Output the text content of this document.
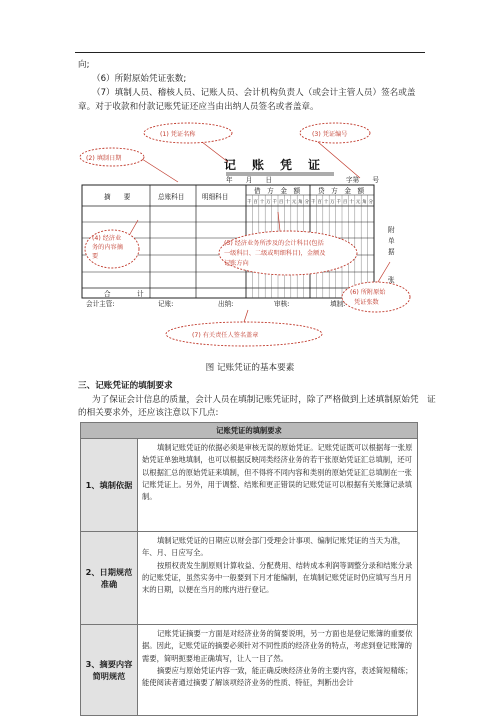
向;
（6）所附原始凭证张数;
（7）填制人员、稽核人员、记账人员、会计机构负责人（或会计主管人员）签名或盖
章。对于收款和付款记账凭证还应当由出纳人员签名或者盖章。
记　账　凭　证
年　　月　　日	字第　　号
摘　　要	总账科目	明细科目
借　方　金　额	贷　方　金　额
千 百 十 万 千 百 十 元 角 分 千 百 十 万 千 百 十 元 角 分
合　　　　计
附
单
据
张
会计主管:	记账:	出纳:	审核:	填制:
(1) 凭证名称
(2) 填制日期
(3) 凭证编号
(4) 经济业
务的内容摘
要
(5) 经济业务所涉及的会计科目(包括
一级科目、二级或明细科目)，金额及
记账方向
(6) 所附原始
凭证张数
(7) 有关责任人签名盖章
图 记账凭证的基本要素
三、记账凭证的填制要求
为了保证会计信息的质量，会计人员在填制记账凭证时，除了严格做到上述填制原始凭　证
的相关要求外，还应该注意以下几点:
记账凭证的填制要求	
1、填制依据	填制记账凭证的依据必须是审核无误的原始凭证。记账凭证既可以根据每一张原始凭证单独地填制，也可以根据反映同类经济业务的若干张原始凭证汇总填制，还可以根据汇总的原始凭证来填制，但不得将不同内容和类别的原始凭证汇总填制在一张记账凭证上。另外，用于调整、结账和更正错误的记账凭证可以根据有关账簿记录填制。

2、日期规范准确	填制记账凭证的日期应以财会部门受理会计事项、编制记账凭证的当天为准，年、月、日应写全。

按照权责发生制原则计算收益、分配费用、结转成本利润等调整分录和结账分录的记账凭证，虽然实务中一般要到下月才能编制，在填制记账凭证时仍应填写当月月末的日期，以便在当月的账内进行登记。

3、摘要内容简明规范	记账凭证摘要一方面是对经济业务的简要说明，另一方面也是登记账簿的重要依据。因此，记账凭证的摘要必须针对不同性质的经济业务的特点，考虑到登记账簿的需要，简明扼要地正确填写，让人一目了然。

摘要应与原始凭证内容一致，能正确反映经济业务的主要内容，表述简短精练；能使阅读者通过摘要了解该项经济业务的性质、特征，判断出会计
